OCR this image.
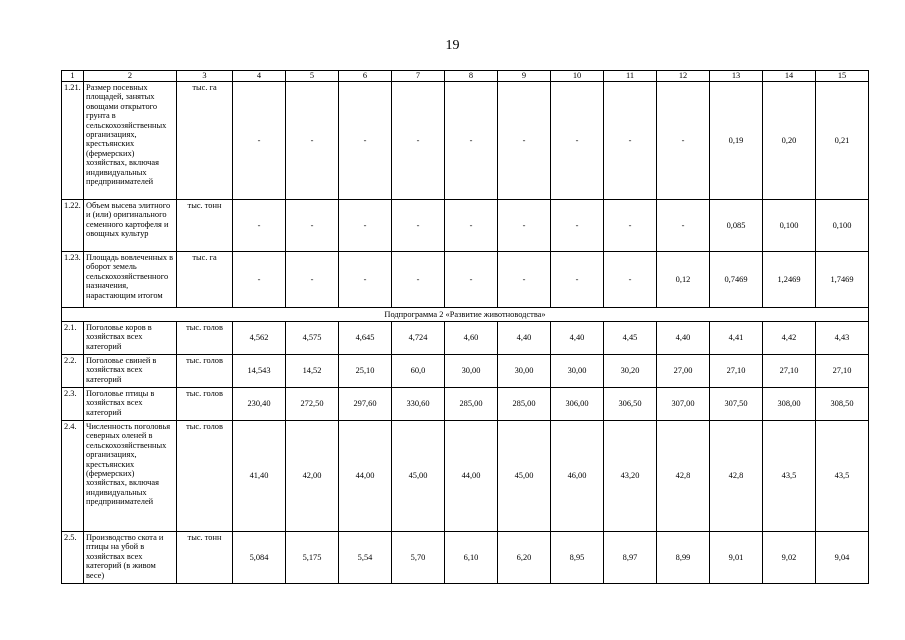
19
1	2	3	4	5	6	7	8	9	10	11	12	13	14	15
1.21.	Размер посевных площадей, занятых овощами открытого грунта в сельскохозяйственных организациях, крестьянских (фермерских) хозяйствах, включая индивидуальных предпринимателей	тыс. га	-	-	-	-	-	-	-	-	-	0,19	0,20	0,21
1.22.	Объем высева элитного и (или) оригинального семенного картофеля и овощных культур	тыс. тонн	-	-	-	-	-	-	-	-	-	0,085	0,100	0,100
1.23.	Площадь вовлеченных в оборот земель сельскохозяйственного назначения, нарастающим итогом	тыс. га	-	-	-	-	-	-	-	-	0,12	0,7469	1,2469	1,7469
Подпрограмма 2 «Развитие животноводства»														
2.1.	Поголовье коров в хозяйствах всех категорий	тыс. голов	4,562	4,575	4,645	4,724	4,60	4,40	4,40	4,45	4,40	4,41	4,42	4,43
2.2.	Поголовье свиней в хозяйствах всех категорий	тыс. голов	14,543	14,52	25,10	60,0	30,00	30,00	30,00	30,20	27,00	27,10	27,10	27,10
2.3.	Поголовье птицы в хозяйствах всех категорий	тыс. голов	230,40	272,50	297,60	330,60	285,00	285,00	306,00	306,50	307,00	307,50	308,00	308,50
2.4.	Численность поголовья северных оленей в сельскохозяйственных организациях, крестьянских (фермерских) хозяйствах, включая индивидуальных предпринимателей	тыс. голов	41,40	42,00	44,00	45,00	44,00	45,00	46,00	43,20	42,8	42,8	43,5	43,5
2.5.	Производство скота и птицы на убой в хозяйствах всех категорий (в живом весе)	тыс. тонн	5,084	5,175	5,54	5,70	6,10	6,20	8,95	8,97	8,99	9,01	9,02	9,04
